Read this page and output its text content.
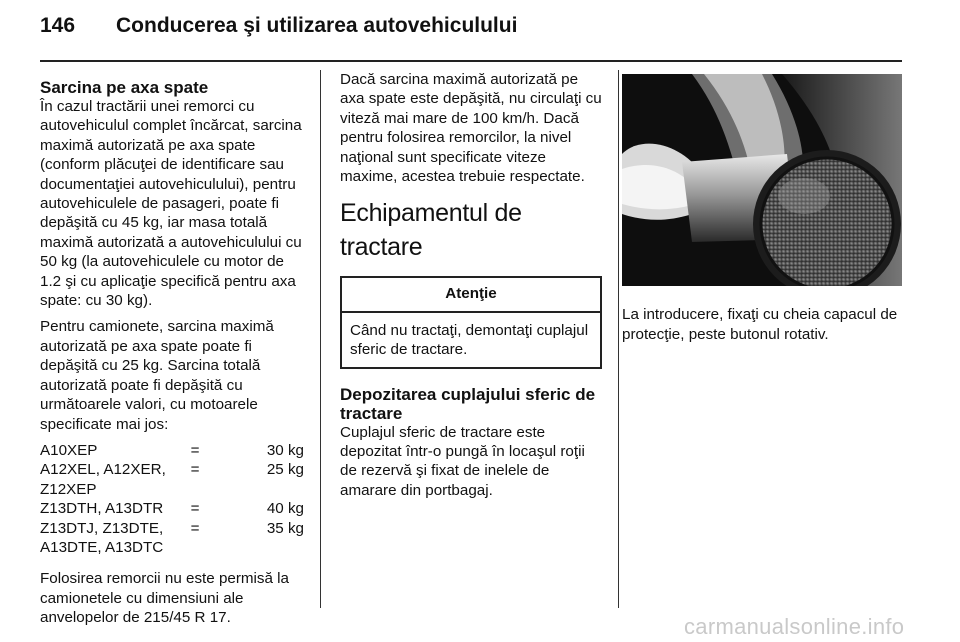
146 Conducerea şi utilizarea autovehiculului
Sarcina pe axa spate

În cazul tractării unei remorci cu autovehiculul complet încărcat, sarcina maximă autorizată pe axa spate (conform plăcuţei de identificare sau documentaţiei autovehiculului), pentru autovehiculele de pasageri, poate fi depăşită cu 45 kg, iar masa totală maximă autorizată a autovehiculului cu 50 kg (la autovehiculele cu motor de 1.2 şi cu aplicaţie specifică pentru axa spate: cu 30 kg).

Pentru camionete, sarcina maximă autorizată pe axa spate poate fi depăşită cu 25 kg. Sarcina totală autorizată poate fi depăşită cu următoarele valori, cu motoarele specificate mai jos:

A10XEP	=	30 kg
A12XEL, A12XER, Z12XEP	=	25 kg
Z13DTH, A13DTR	=	40 kg
Z13DTJ, Z13DTE, A13DTE, A13DTC	=	35 kg

Folosirea remorcii nu este permisă la camionetele cu dimensiuni ale anvelopelor de 215/45 R 17.

Dacă sarcina maximă autorizată pe axa spate este depăşită, nu circulaţi cu viteză mai mare de 100 km/h. Dacă pentru folosirea remorcilor, la nivel naţional sunt specificate viteze maxime, acestea trebuie respectate.

Echipamentul de tractare
Atenţie
Când nu tractaţi, demontaţi cuplajul sferic de tractare.
Depozitarea cuplajului sferic de tractare

Cuplajul sferic de tractare este depozitat într-o pungă în locaşul roţii de rezervă şi fixat de inelele de amarare din portbagaj.

La introducere, fixaţi cu cheia capacul de protecţie, peste butonul rotativ.

carmanualsonline.info
